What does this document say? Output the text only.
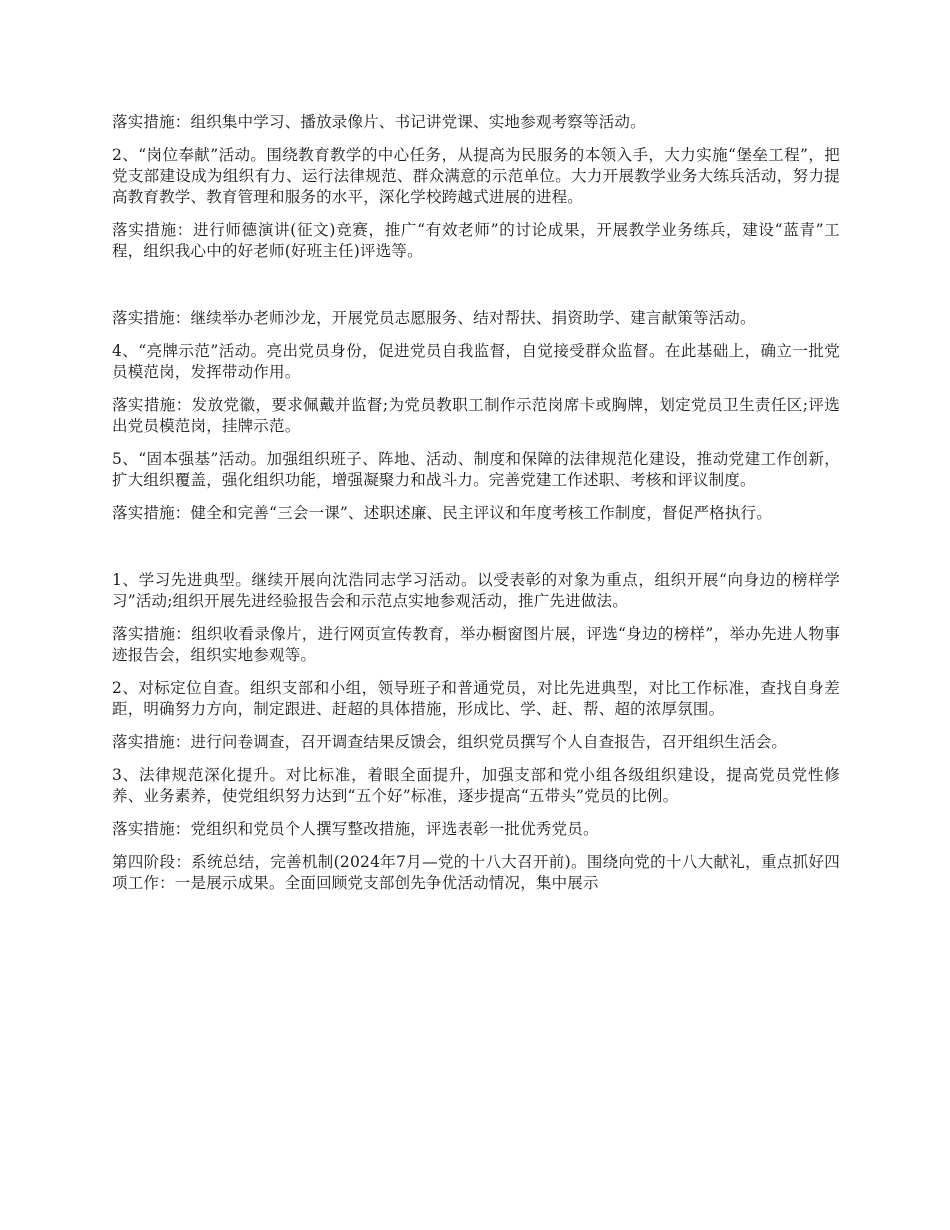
落实措施：组织集中学习、播放录像片、书记讲党课、实地参观考察等活动。

2、“岗位奉献”活动。围绕教育教学的中心任务，从提高为民服务的本领入手，大力实施“堡垒工程”，把党支部建设成为组织有力、运行法律规范、群众满意的示范单位。大力开展教学业务大练兵活动，努力提高教育教学、教育管理和服务的水平，深化学校跨越式进展的进程。

落实措施：进行师德演讲(征文)竞赛，推广“有效老师”的讨论成果，开展教学业务练兵，建设“蓝青”工程，组织我心中的好老师(好班主任)评选等。

落实措施：继续举办老师沙龙，开展党员志愿服务、结对帮扶、捐资助学、建言献策等活动。

4、“亮牌示范”活动。亮出党员身份，促进党员自我监督，自觉接受群众监督。在此基础上，确立一批党员模范岗，发挥带动作用。

落实措施：发放党徽，要求佩戴并监督;为党员教职工制作示范岗席卡或胸牌，划定党员卫生责任区;评选出党员模范岗，挂牌示范。

5、“固本强基”活动。加强组织班子、阵地、活动、制度和保障的法律规范化建设，推动党建工作创新，扩大组织覆盖，强化组织功能，增强凝聚力和战斗力。完善党建工作述职、考核和评议制度。

落实措施：健全和完善“三会一课”、述职述廉、民主评议和年度考核工作制度，督促严格执行。

1、学习先进典型。继续开展向沈浩同志学习活动。以受表彰的对象为重点，组织开展“向身边的榜样学习”活动;组织开展先进经验报告会和示范点实地参观活动，推广先进做法。

落实措施：组织收看录像片，进行网页宣传教育，举办橱窗图片展，评选“身边的榜样”，举办先进人物事迹报告会，组织实地参观等。

2、对标定位自查。组织支部和小组，领导班子和普通党员，对比先进典型，对比工作标准，查找自身差距，明确努力方向，制定跟进、赶超的具体措施，形成比、学、赶、帮、超的浓厚氛围。

落实措施：进行问卷调查，召开调查结果反馈会，组织党员撰写个人自查报告，召开组织生活会。

3、法律规范深化提升。对比标准，着眼全面提升，加强支部和党小组各级组织建设，提高党员党性修养、业务素养，使党组织努力达到“五个好”标准，逐步提高“五带头”党员的比例。

落实措施：党组织和党员个人撰写整改措施，评选表彰一批优秀党员。

第四阶段：系统总结，完善机制(2024年7月—党的十八大召开前)。围绕向党的十八大献礼，重点抓好四项工作：一是展示成果。全面回顾党支部创先争优活动情况，集中展示
